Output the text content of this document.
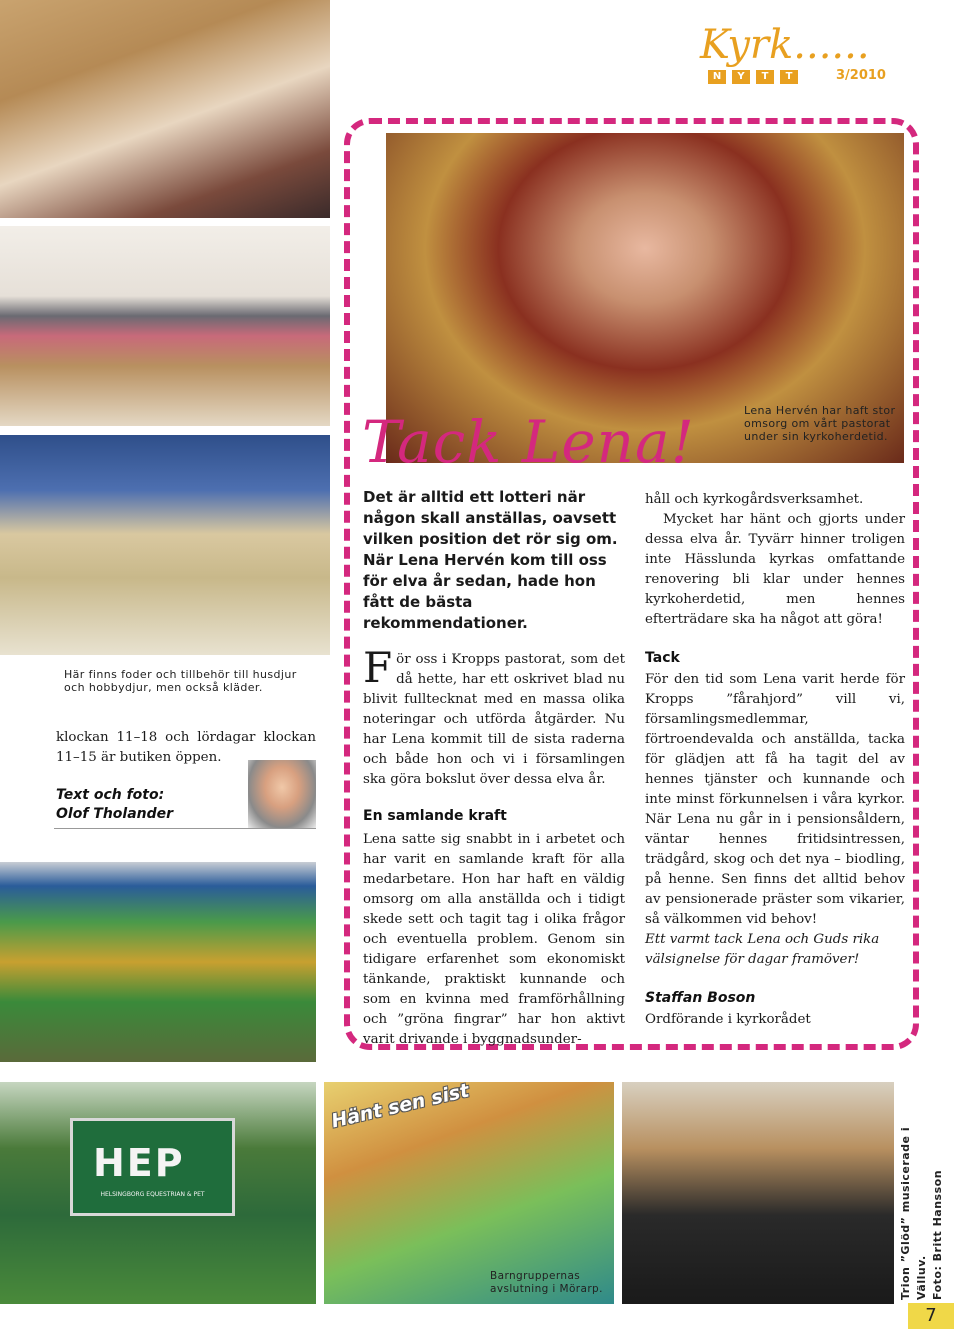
HEP
HELSINGBORG EQUESTRIAN & PET
Kyrk......
N	Y	T	T	3/2010
Tack Lena!	Lena Hervén har haft stor omsorg om vårt pastorat under sin kyrkoherdetid.
Här finns foder och tillbehör till husdjur och hobbydjur, men också kläder.
klockan 11–18 och lördagar klockan 11–15 är butiken öppen.
Text och foto:
Olof Tholander
Det är alltid ett lotteri när någon skall anställas, oavsett vilken position det rör sig om. När Lena Hervén kom till oss för elva år sedan, hade hon fått de bästa rekommendationer.
För oss i Kropps pastorat, som det då hette, har ett oskrivet blad nu blivit fulltecknat med en massa olika noteringar och utförda åtgärder. Nu har Lena kommit till de sista raderna och både hon och vi i församlingen ska göra bokslut över dessa elva år.
En samlande kraft
Lena satte sig snabbt in i arbetet och har varit en samlande kraft för alla medarbetare. Hon har haft en väldig omsorg om alla anställda och i tidigt skede sett och tagit tag i olika frågor och eventuella problem. Genom sin tidigare erfarenhet som ekonomiskt tänkande, praktiskt kunnande och som en kvinna med framförhållning och ”gröna fingrar” har hon aktivt varit drivande i byggnadsunder-
håll och kyrkogårdsverksamhet.
Mycket har hänt och gjorts under dessa elva år. Tyvärr hinner troligen inte Hässlunda kyrkas omfattande renovering bli klar under hennes kyrkoherdetid, men hennes efterträdare ska ha något att göra!
Tack
För den tid som Lena varit herde för Kropps ”fårahjord” vill vi, församlingsmedlemmar, förtroendevalda och anställda, tacka för glädjen att få ha tagit del av hennes tjänster och kunnande och inte minst förkunnelsen i våra kyrkor. När Lena nu går in i pensionsåldern, väntar hennes fritidsintressen, trädgård, skog och det nya – biodling, på henne. Sen finns det alltid behov av pensionerade präster som vikarier, så välkommen vid behov!
Ett varmt tack Lena och Guds rika välsignelse för dagar framöver!
Staffan Boson
Ordförande i kyrkorådet
Hänt sen sist
Barngruppernas avslutning i Mörarp.	Trion ”Glöd” musicerade i Välluv. Foto: Britt Hansson
7
